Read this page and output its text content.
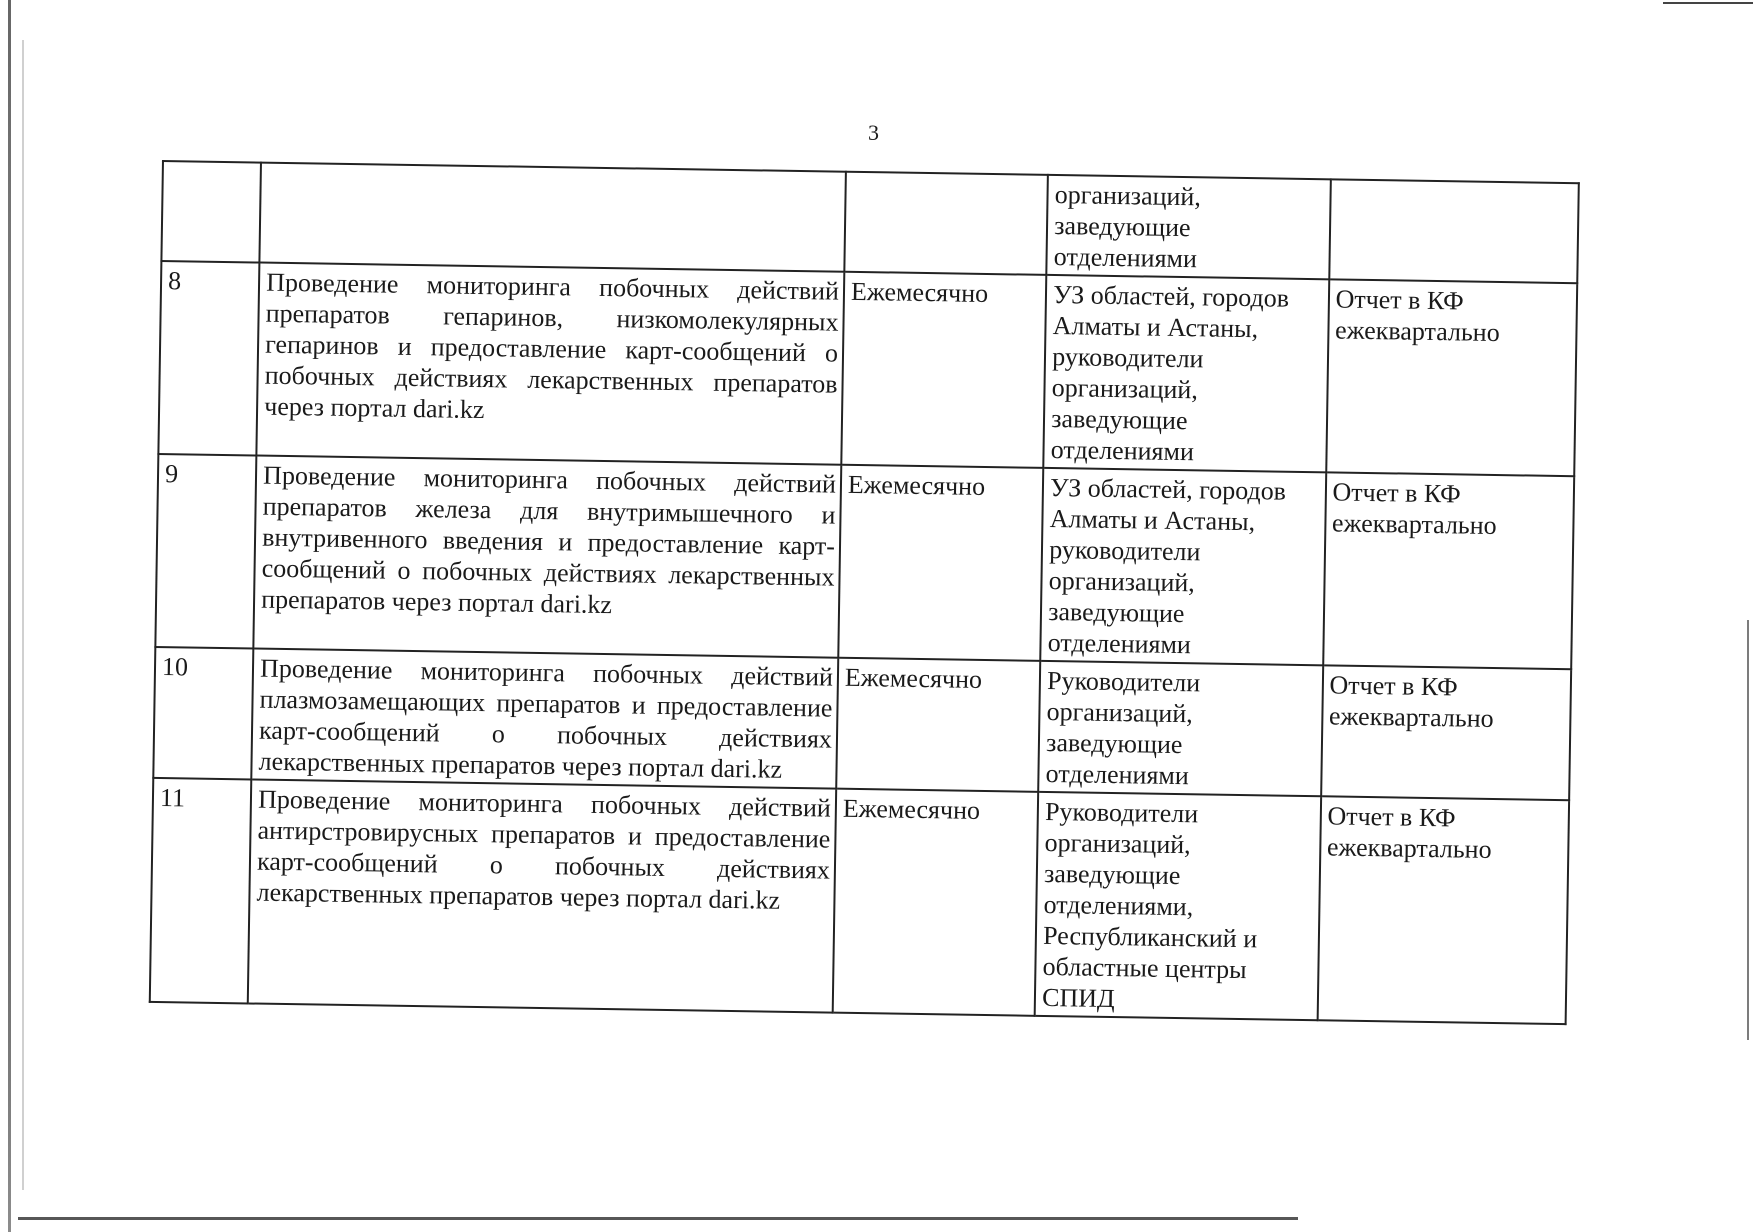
3
			организаций, заведующие отделениями	
8	Проведение мониторинга побочных действий препаратов гепаринов, низкомолекулярных гепаринов и предоставление карт-сообщений о побочных действиях лекарственных препаратов через портал dari.kz	Ежемесячно	УЗ областей, городов Алматы и Астаны, руководители организаций, заведующие отделениями	Отчет в КФ ежеквартально
9	Проведение мониторинга побочных действий препаратов железа для внутримышечного и внутривенного введения и предоставление карт-сообщений о побочных действиях лекарственных препаратов через портал dari.kz	Ежемесячно	УЗ областей, городов Алматы и Астаны, руководители организаций, заведующие отделениями	Отчет в КФ ежеквартально
10	Проведение мониторинга побочных действий плазмозамещающих препаратов и предоставление карт-сообщений о побочных действиях лекарственных препаратов через портал dari.kz	Ежемесячно	Руководители организаций, заведующие отделениями	Отчет в КФ ежеквартально
11	Проведение мониторинга побочных действий антирстровирусных препаратов и предоставление карт-сообщений о побочных действиях лекарственных препаратов через портал dari.kz	Ежемесячно	Руководители организаций, заведующие отделениями, Республиканский и областные центры СПИД	Отчет в КФ ежеквартально
